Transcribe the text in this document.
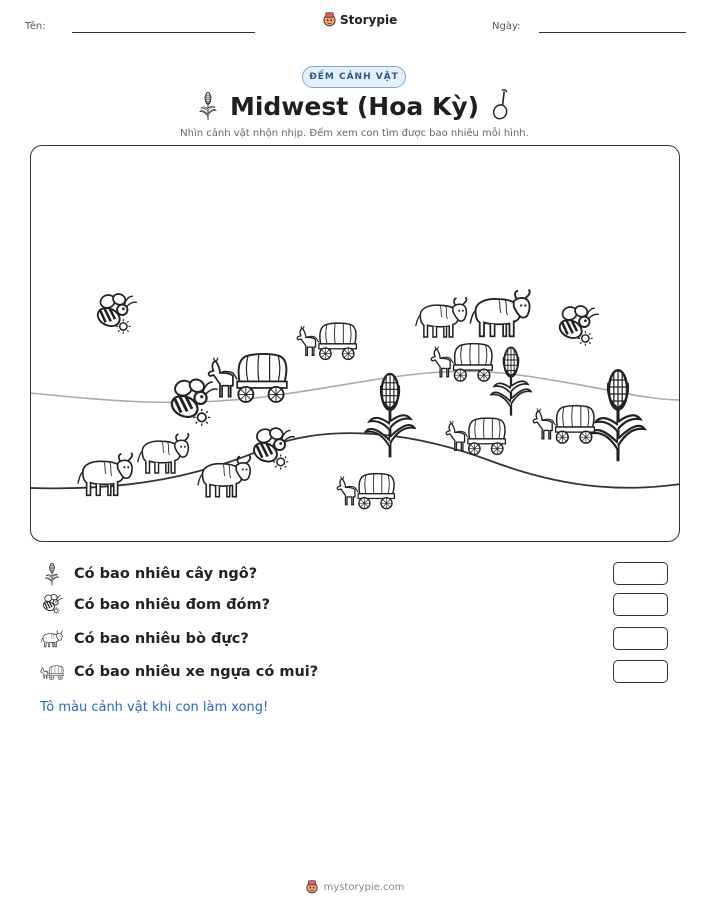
Tên:	Storypie	Ngày:
ĐẾM CẢNH VẬT
Midwest (Hoa Kỳ)
Nhìn cảnh vật nhộn nhịp. Đếm xem con tìm được bao nhiêu mỗi hình.
Có bao nhiêu cây ngô?
Có bao nhiêu đom đóm?
Có bao nhiêu bò đực?
Có bao nhiêu xe ngựa có mui?
Tô màu cảnh vật khi con làm xong!
mystorypie.com
